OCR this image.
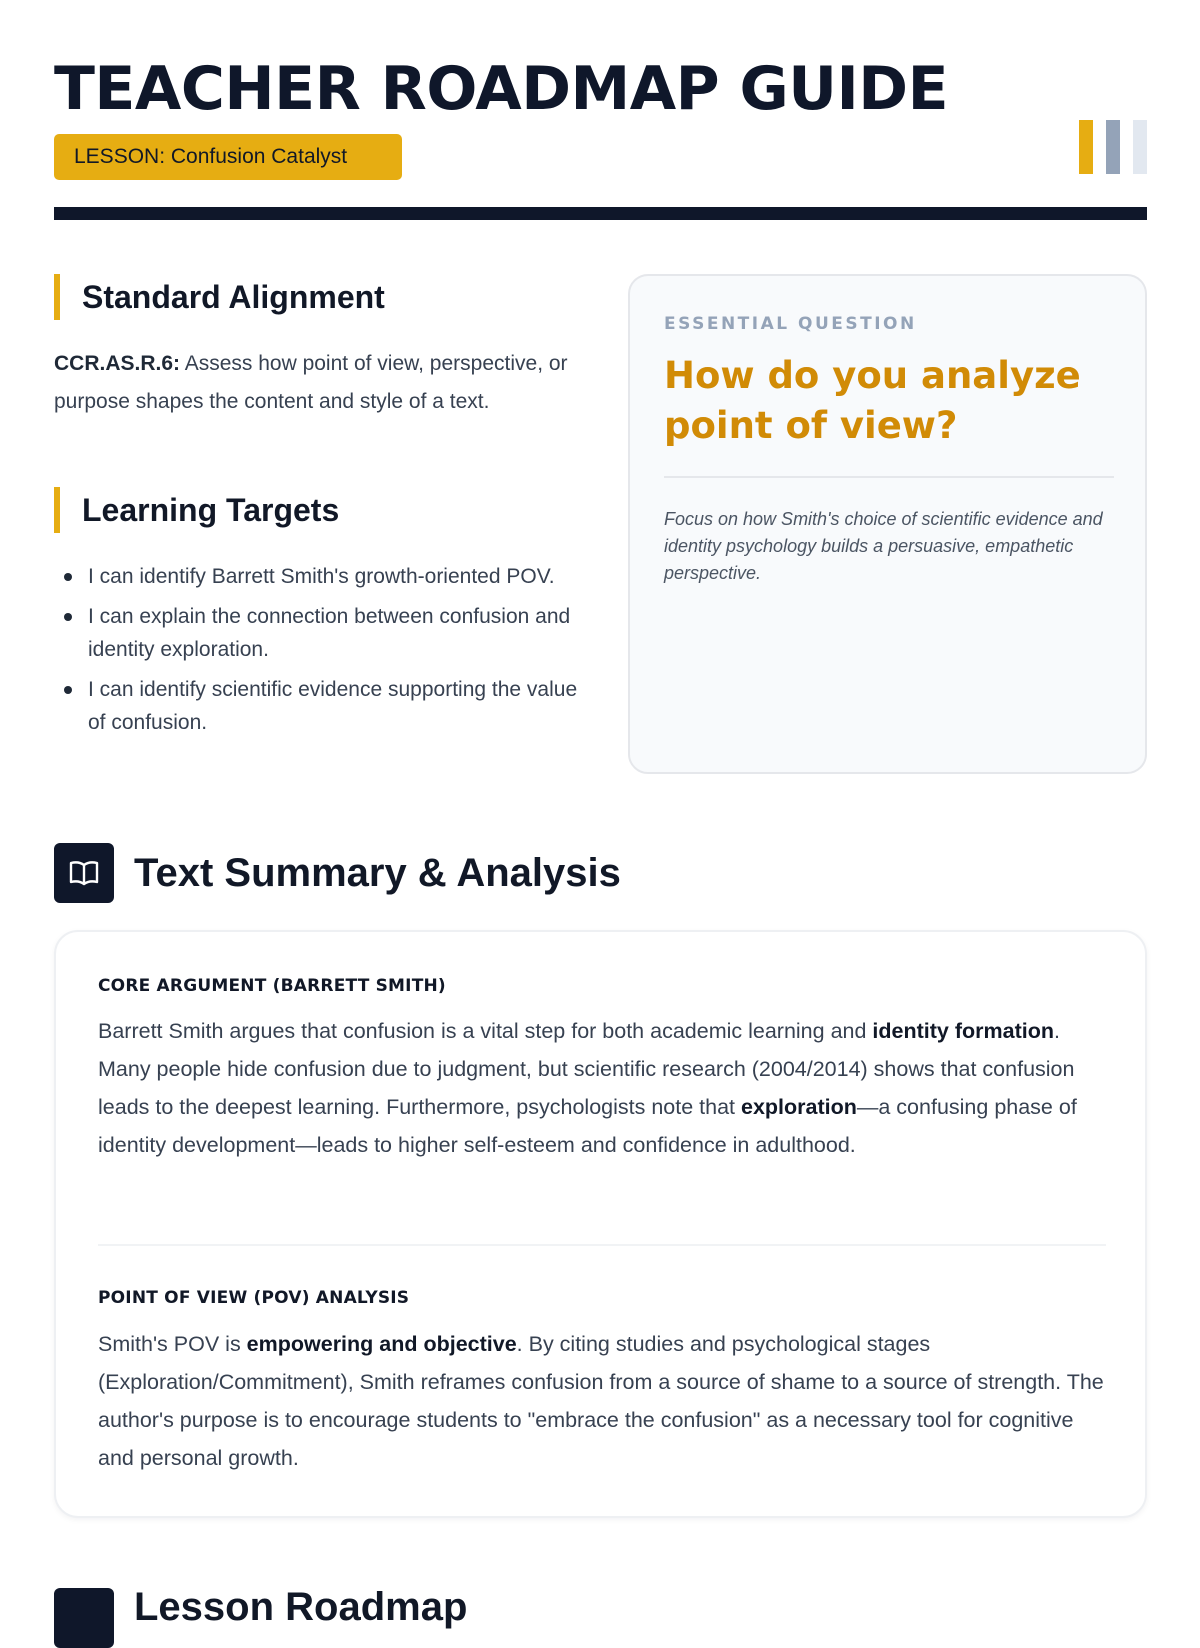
TEACHER ROADMAP GUIDE
LESSON: Confusion Catalyst
Standard Alignment

CCR.AS.R.6: Assess how point of view, perspective, or purpose shapes the content and style of a text.

Learning Targets
I can identify Barrett Smith's growth-oriented POV.
I can explain the connection between confusion and identity exploration.
I can identify scientific evidence supporting the value of confusion.
ESSENTIAL QUESTION
How do you analyze point of view?
Focus on how Smith's choice of scientific evidence and identity psychology builds a persuasive, empathetic perspective.
Text Summary & Analysis
CORE ARGUMENT (BARRETT SMITH)

Barrett Smith argues that confusion is a vital step for both academic learning and identity formation. Many people hide confusion due to judgment, but scientific research (2004/2014) shows that confusion leads to the deepest learning. Furthermore, psychologists note that exploration—a confusing phase of identity development—leads to higher self-esteem and confidence in adulthood.

POINT OF VIEW (POV) ANALYSIS

Smith's POV is empowering and objective. By citing studies and psychological stages (Exploration/Commitment), Smith reframes confusion from a source of shame to a source of strength. The author's purpose is to encourage students to "embrace the confusion" as a necessary tool for cognitive and personal growth.

Lesson Roadmap
